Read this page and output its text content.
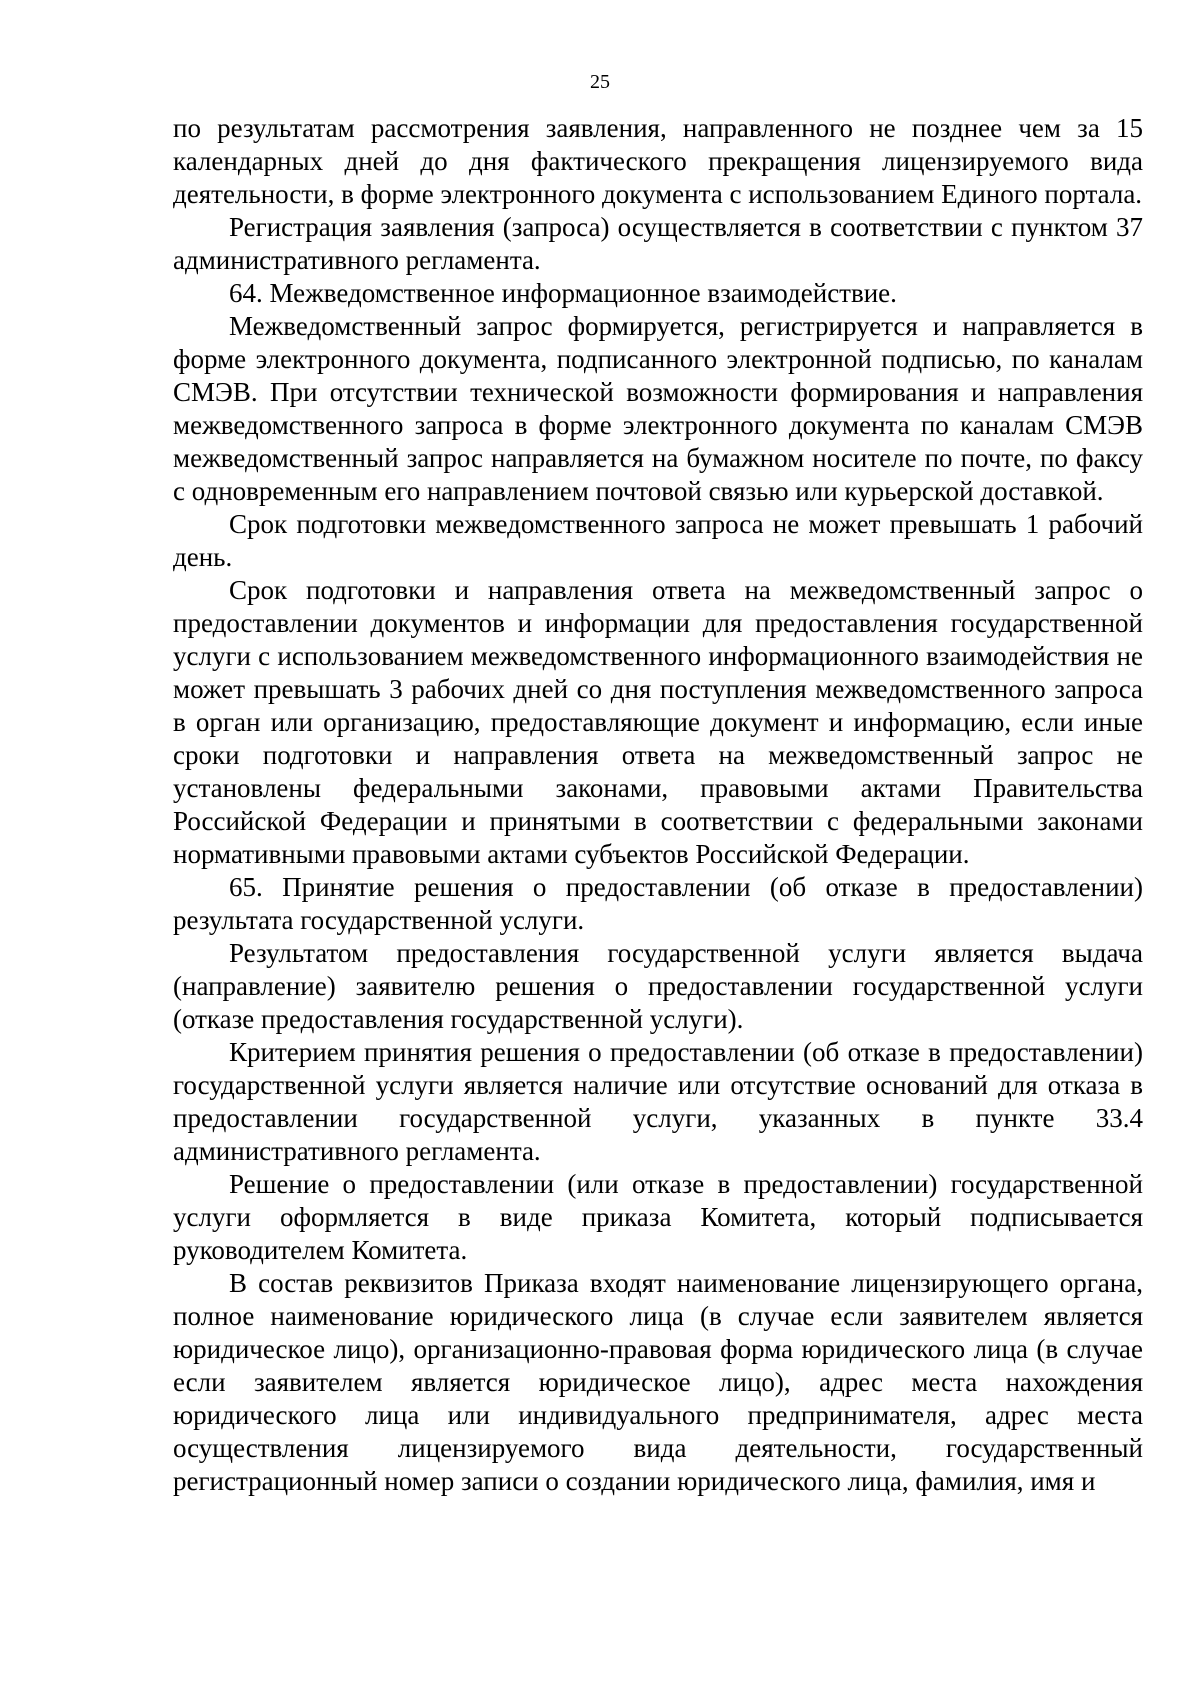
25

по результатам рассмотрения заявления, направленного не позднее чем за 15 календарных дней до дня фактического прекращения лицензируемого вида деятельности, в форме электронного документа с использованием Единого портала.

Регистрация заявления (запроса) осуществляется в соответствии с пунктом 37 административного регламента.

64. Межведомственное информационное взаимодействие.

Межведомственный запрос формируется, регистрируется и направляется в форме электронного документа, подписанного электронной подписью, по каналам СМЭВ. При отсутствии технической возможности формирования и направления межведомственного запроса в форме электронного документа по каналам СМЭВ межведомственный запрос направляется на бумажном носителе по почте, по факсу с одновременным его направлением почтовой связью или курьерской доставкой.

Срок подготовки межведомственного запроса не может превышать 1 рабочий день.

Срок подготовки и направления ответа на межведомственный запрос о предоставлении документов и информации для предоставления государственной услуги с использованием межведомственного информационного взаимодействия не может превышать 3 рабочих дней со дня поступления межведомственного запроса в орган или организацию, предоставляющие документ и информацию, если иные сроки подготовки и направления ответа на межведомственный запрос не установлены федеральными законами, правовыми актами Правительства Российской Федерации и принятыми в соответствии с федеральными законами нормативными правовыми актами субъектов Российской Федерации.

65. Принятие решения о предоставлении (об отказе в предоставлении) результата государственной услуги.

Результатом предоставления государственной услуги является выдача (направление) заявителю решения о предоставлении государственной услуги (отказе предоставления государственной услуги).

Критерием принятия решения о предоставлении (об отказе в предоставлении) государственной услуги является наличие или отсутствие оснований для отказа в предоставлении государственной услуги, указанных в пункте 33.4 административного регламента.

Решение о предоставлении (или отказе в предоставлении) государственной услуги оформляется в виде приказа Комитета, который подписывается руководителем Комитета.

В состав реквизитов Приказа входят наименование лицензирующего органа, полное наименование юридического лица (в случае если заявителем является юридическое лицо), организационно-правовая форма юридического лица (в случае если заявителем является юридическое лицо), адрес места нахождения юридического лица или индивидуального предпринимателя, адрес места осуществления лицензируемого вида деятельности, государственный регистрационный номер записи о создании юридического лица, фамилия, имя и
